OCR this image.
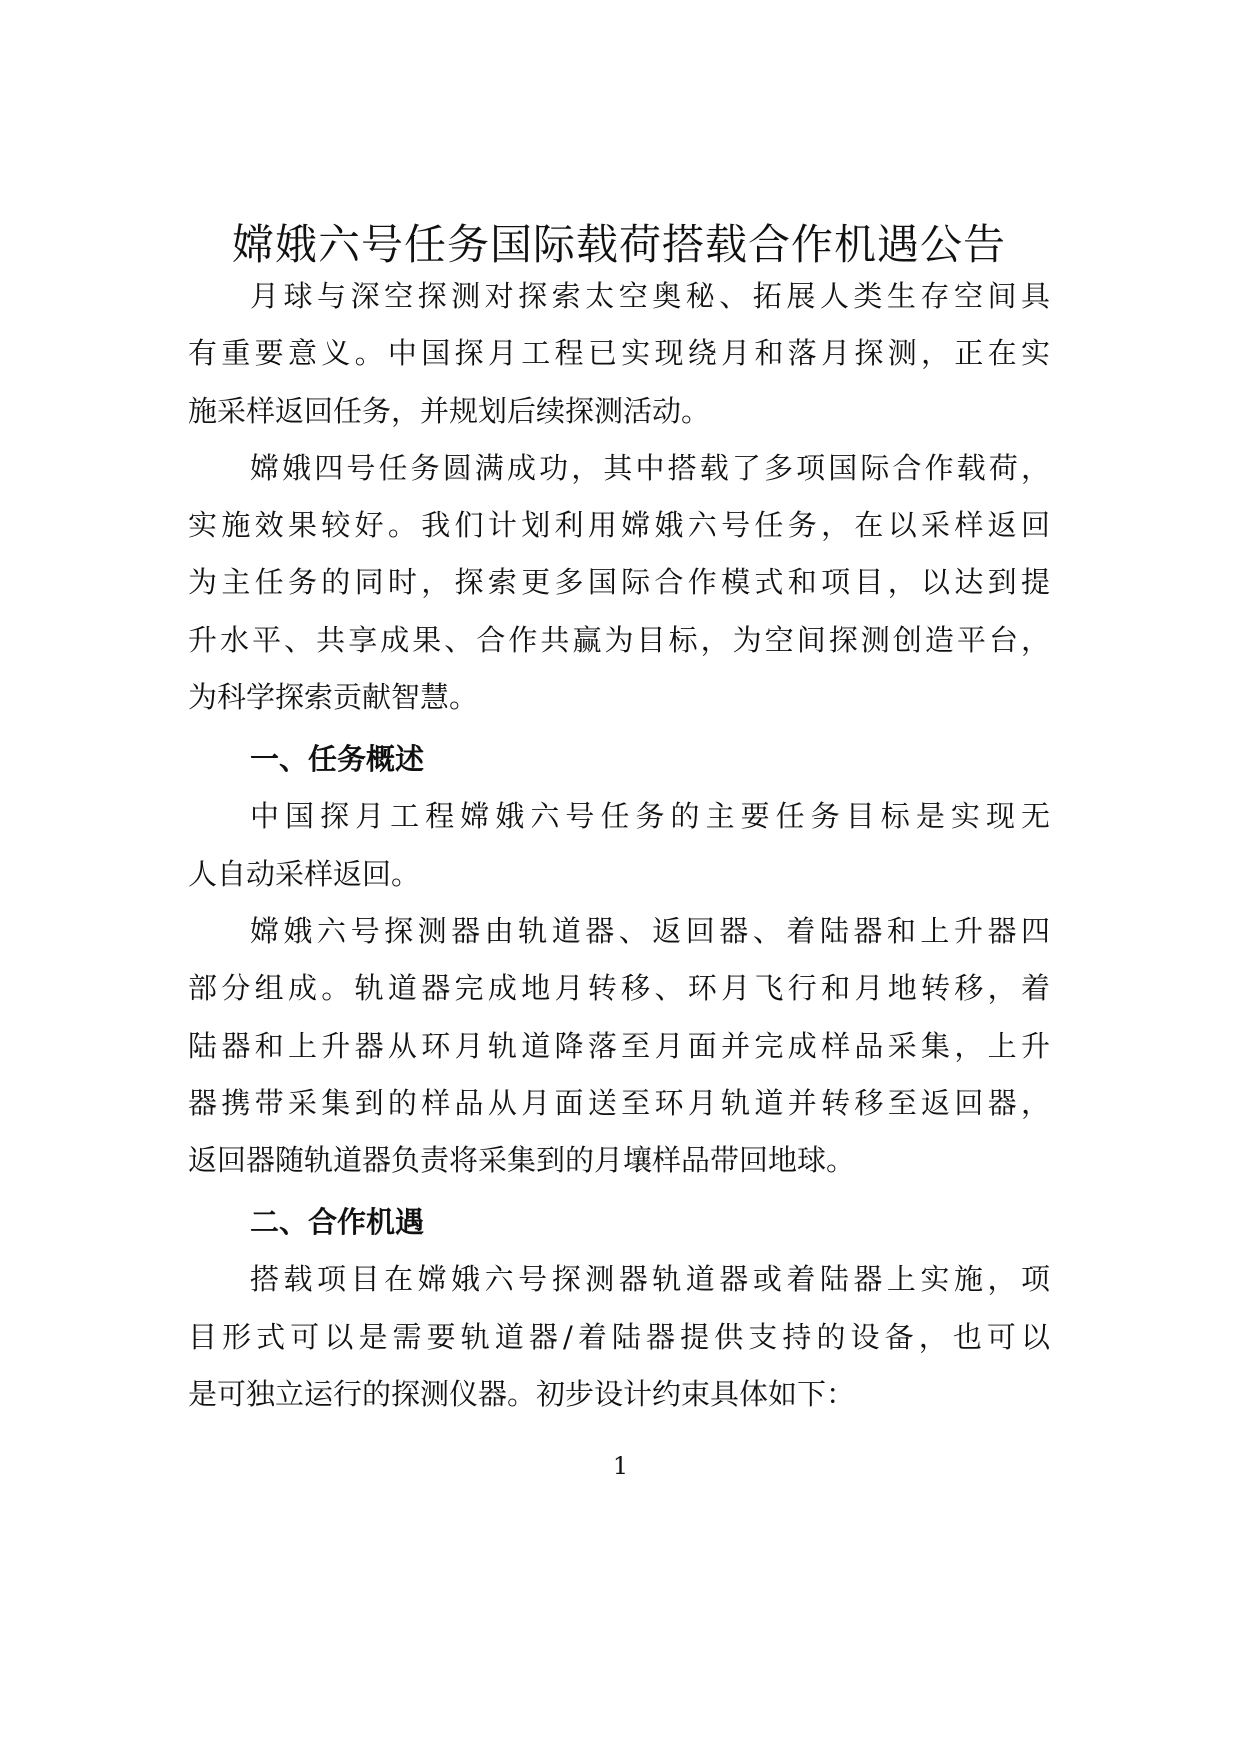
嫦娥六号任务国际载荷搭载合作机遇公告
月球与深空探测对探索太空奥秘、拓展人类生存空间具
有重要意义。中国探月工程已实现绕月和落月探测，正在实
施采样返回任务，并规划后续探测活动。
嫦娥四号任务圆满成功，其中搭载了多项国际合作载荷，
实施效果较好。我们计划利用嫦娥六号任务，在以采样返回
为主任务的同时，探索更多国际合作模式和项目，以达到提
升水平、共享成果、合作共赢为目标，为空间探测创造平台，
为科学探索贡献智慧。
一、任务概述
中国探月工程嫦娥六号任务的主要任务目标是实现无
人自动采样返回。
嫦娥六号探测器由轨道器、返回器、着陆器和上升器四
部分组成。轨道器完成地月转移、环月飞行和月地转移，着
陆器和上升器从环月轨道降落至月面并完成样品采集，上升
器携带采集到的样品从月面送至环月轨道并转移至返回器，
返回器随轨道器负责将采集到的月壤样品带回地球。
二、合作机遇
搭载项目在嫦娥六号探测器轨道器或着陆器上实施，项
目形式可以是需要轨道器/着陆器提供支持的设备，也可以
是可独立运行的探测仪器。初步设计约束具体如下：
1
